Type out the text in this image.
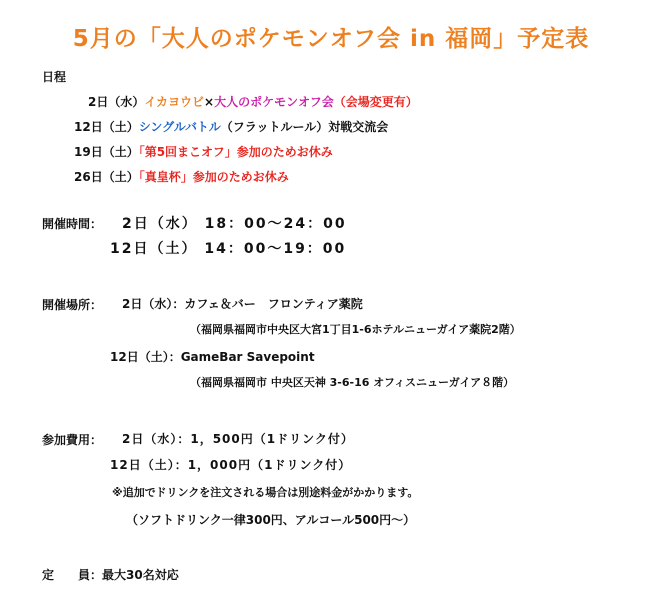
5月の「大人のポケモンオフ会 in 福岡」予定表
日程
2日（水）イカヨウビ×大人のポケモンオフ会（会場変更有）
12日（土）シングルバトル（フラットルール）対戦交流会
19日（土）「第5回まこオフ」参加のためお休み
26日（土）「真皇杯」参加のためお休み
開催時間： 2日（水） 18：00～24：00
12日（土） 14：00～19：00
開催場所： 2日（水）：カフェ＆バー　フロンティア薬院
（福岡県福岡市中央区大宮1丁目1-6ホテルニューガイア薬院2階）
12日（土）：GameBar Savepoint
（福岡県福岡市 中央区天神 3-6-16 オフィスニューガイア８階）
参加費用： 2日（水）：1，500円（1ドリンク付）
12日（土）：1，000円（1ドリンク付）
※追加でドリンクを注文される場合は別途料金がかかります。
（ソフトドリンク一律300円、アルコール500円～）
定　　員：最大30名対応
